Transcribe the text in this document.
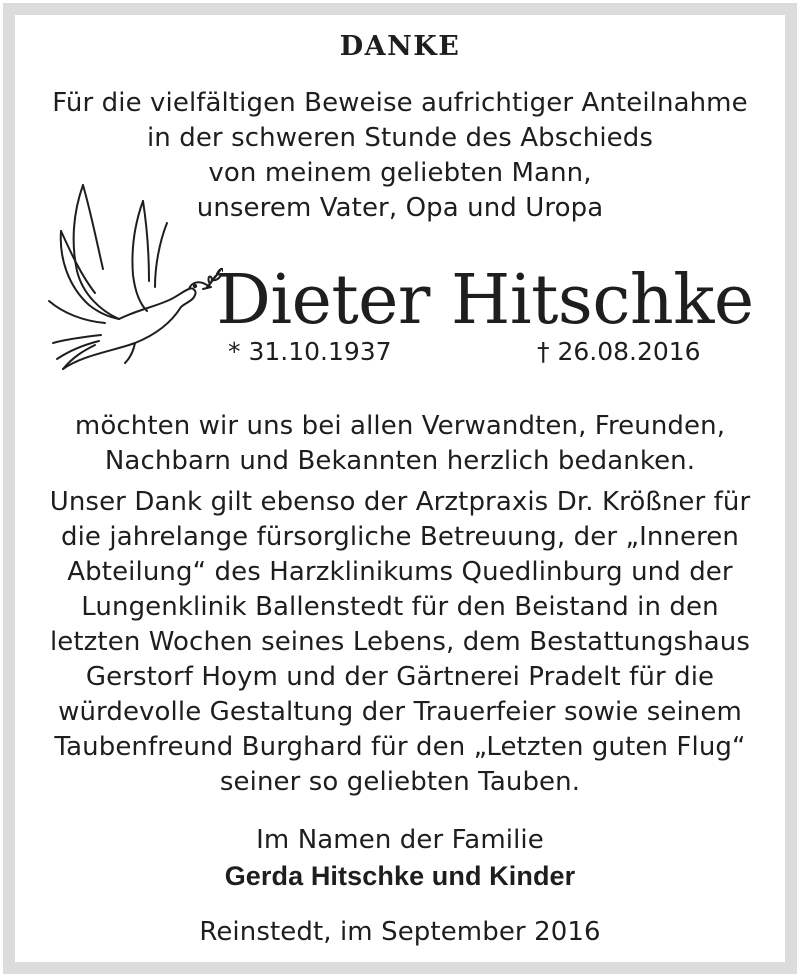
DANKE
Für die vielfältigen Beweise aufrichtiger Anteilnahme
in der schweren Stunde des Abschieds
von meinem geliebten Mann,
unserem Vater, Opa und Uropa
Dieter Hitschke
* 31.10.1937	† 26.08.2016
möchten wir uns bei allen Verwandten, Freunden,
Nachbarn und Bekannten herzlich bedanken.
Unser Dank gilt ebenso der Arztpraxis Dr. Krößner für
die jahrelange fürsorgliche Betreuung, der „Inneren
Abteilung“ des Harzklinikums Quedlinburg und der
Lungenklinik Ballenstedt für den Beistand in den
letzten Wochen seines Lebens, dem Bestattungshaus
Gerstorf Hoym und der Gärtnerei Pradelt für die
würdevolle Gestaltung der Trauerfeier sowie seinem
Taubenfreund Burghard für den „Letzten guten Flug“
seiner so geliebten Tauben.
Im Namen der Familie
Gerda Hitschke und Kinder
Reinstedt, im September 2016
